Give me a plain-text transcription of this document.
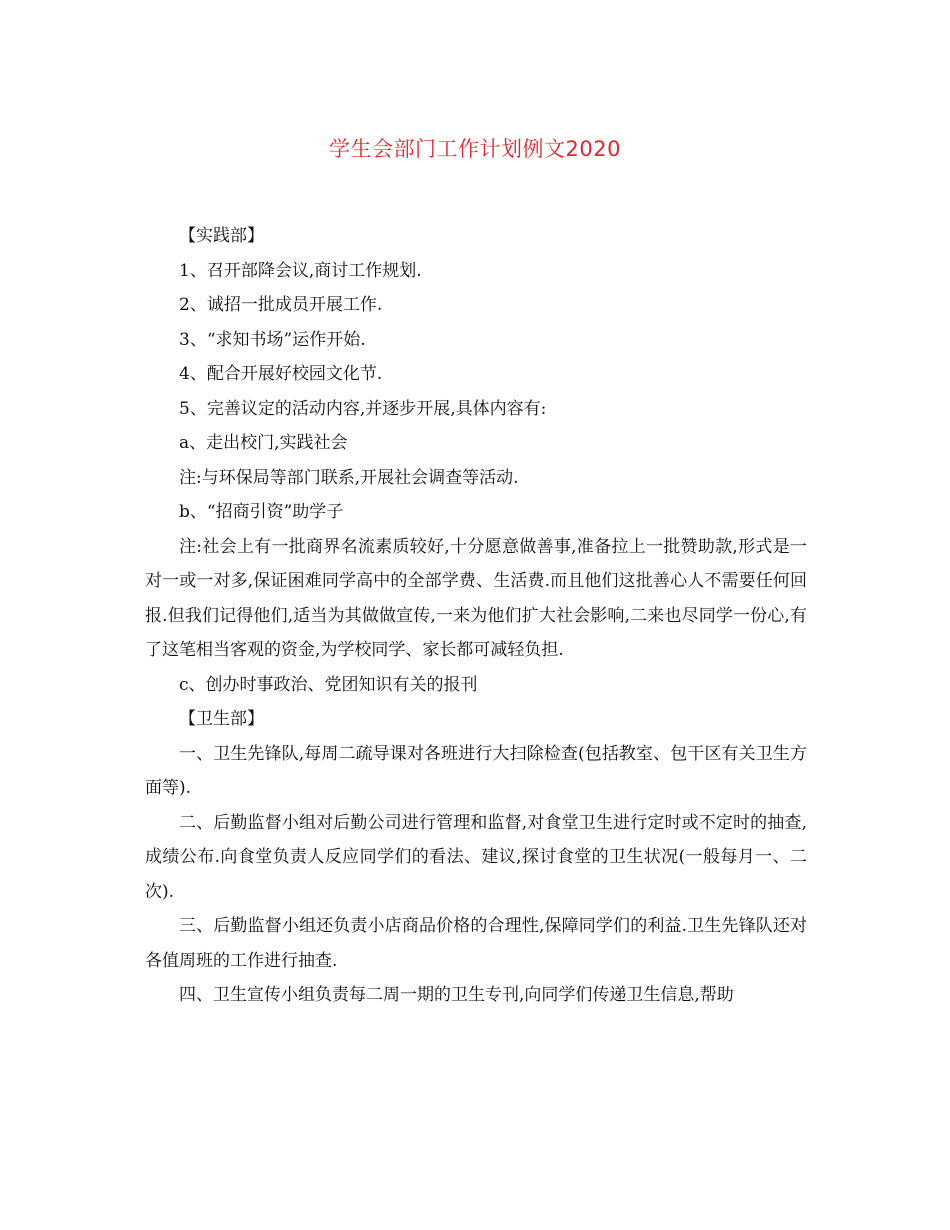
学生会部门工作计划例文2020

【实践部】

1、召开部降会议,商讨工作规划.

2、诚招一批成员开展工作.

3、“求知书场”运作开始.

4、配合开展好校园文化节.

5、完善议定的活动内容,并逐步开展,具体内容有:

a、走出校门,实践社会

注:与环保局等部门联系,开展社会调查等活动.

b、“招商引资”助学子

注:社会上有一批商界名流素质较好,十分愿意做善事,准备拉上一批赞助款,形式是一对一或一对多,保证困难同学高中的全部学费、生活费.而且他们这批善心人不需要任何回报.但我们记得他们,适当为其做做宣传,一来为他们扩大社会影响,二来也尽同学一份心,有了这笔相当客观的资金,为学校同学、家长都可减轻负担.

c、创办时事政治、党团知识有关的报刊

【卫生部】

一、卫生先锋队,每周二疏导课对各班进行大扫除检查(包括教室、包干区有关卫生方面等).

二、后勤监督小组对后勤公司进行管理和监督,对食堂卫生进行定时或不定时的抽查,成绩公布.向食堂负责人反应同学们的看法、建议,探讨食堂的卫生状况(一般每月一、二次).

三、后勤监督小组还负责小店商品价格的合理性,保障同学们的利益.卫生先锋队还对各值周班的工作进行抽查.

四、卫生宣传小组负责每二周一期的卫生专刊,向同学们传递卫生信息,帮助
